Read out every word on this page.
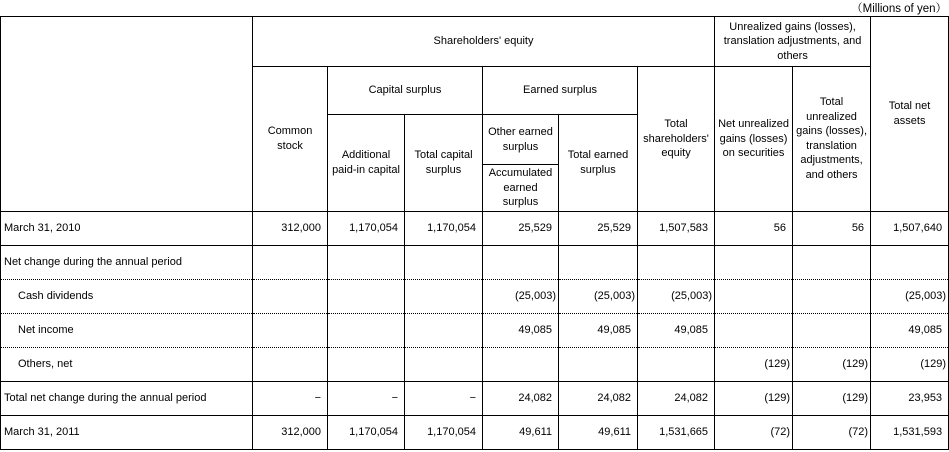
（Millions of yen）
	Shareholders' equity						Unrealized gains (losses), translation adjustments, and others		Total net assets
	Common stock	Capital surplus		Earned surplus		Total shareholders' equity	Net unrealized gains (losses) on securities	Total unrealized gains (losses), translation adjustments, and others	
		Additional paid-in capital	Total capital surplus	Other earned surplus	Total earned surplus				
				Accumulated earned surplus					
March 31, 2010	312,000	1,170,054	1,170,054	25,529	25,529	1,507,583	56	56	1,507,640
Net change during the annual period									
Cash dividends				(25,003)	(25,003)	(25,003)			(25,003)
Net income				49,085	49,085	49,085			49,085
Others, net							(129)	(129)	(129)
Total net change during the annual period	−	−	−	24,082	24,082	24,082	(129)	(129)	23,953
March 31, 2011	312,000	1,170,054	1,170,054	49,611	49,611	1,531,665	(72)	(72)	1,531,593
